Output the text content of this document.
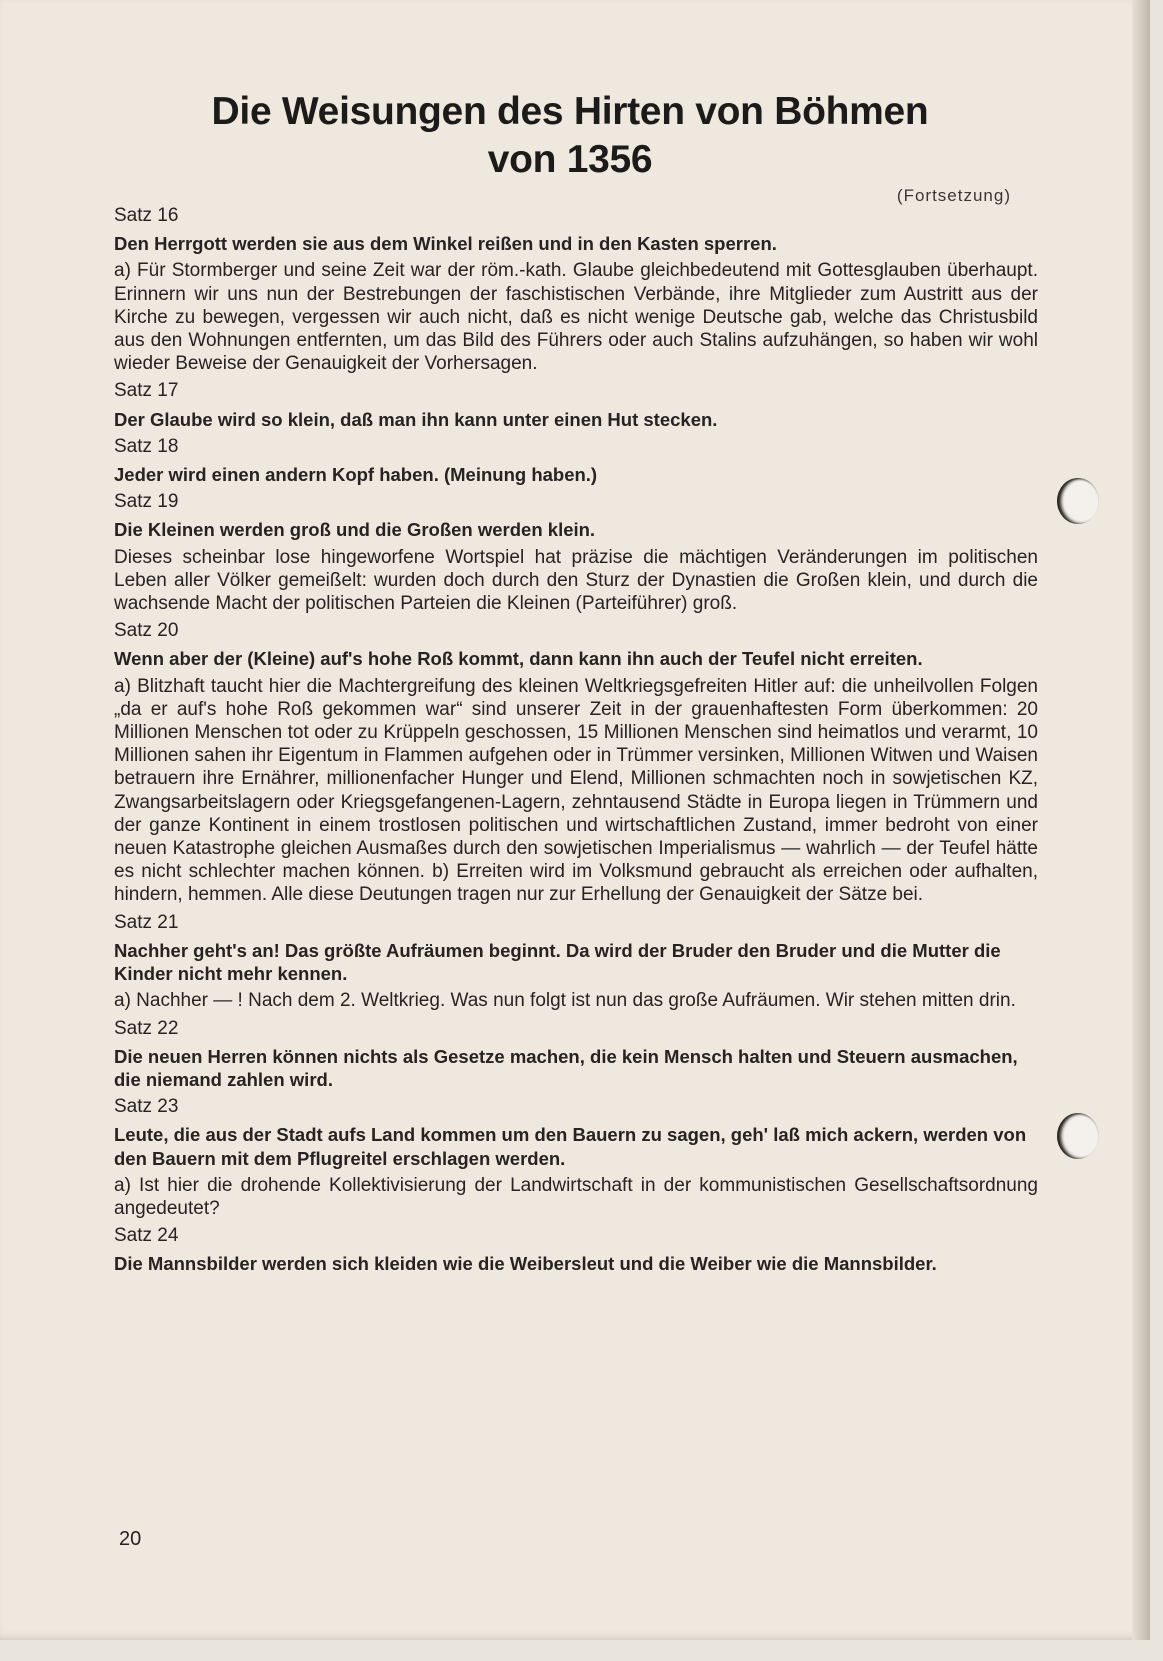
Die Weisungen des Hirten von Böhmen
von 1356
(Fortsetzung)
Satz 16
Den Herrgott werden sie aus dem Winkel reißen und in den Kasten sperren.
a) Für Stormberger und seine Zeit war der röm.-kath. Glaube gleichbedeutend mit Gottesglauben überhaupt. Erinnern wir uns nun der Bestrebungen der faschistischen Verbände, ihre Mitglieder zum Austritt aus der Kirche zu bewegen, vergessen wir auch nicht, daß es nicht wenige Deutsche gab, welche das Christusbild aus den Wohnungen entfernten, um das Bild des Führers oder auch Stalins aufzuhängen, so haben wir wohl wieder Beweise der Genauigkeit der Vorhersagen.
Satz 17
Der Glaube wird so klein, daß man ihn kann unter einen Hut stecken.
Satz 18
Jeder wird einen andern Kopf haben. (Meinung haben.)
Satz 19
Die Kleinen werden groß und die Großen werden klein.
Dieses scheinbar lose hingeworfene Wortspiel hat präzise die mächtigen Veränderungen im politischen Leben aller Völker gemeißelt: wurden doch durch den Sturz der Dynastien die Großen klein, und durch die wachsende Macht der politischen Parteien die Kleinen (Parteiführer) groß.
Satz 20
Wenn aber der (Kleine) auf's hohe Roß kommt, dann kann ihn auch der Teufel nicht erreiten.
a) Blitzhaft taucht hier die Machtergreifung des kleinen Weltkriegsgefreiten Hitler auf: die unheilvollen Folgen „da er auf's hohe Roß gekommen war“ sind unserer Zeit in der grauenhaftesten Form überkommen: 20 Millionen Menschen tot oder zu Krüppeln geschossen, 15 Millionen Menschen sind heimatlos und verarmt, 10 Millionen sahen ihr Eigentum in Flammen aufgehen oder in Trümmer versinken, Millionen Witwen und Waisen betrauern ihre Ernährer, millionenfacher Hunger und Elend, Millionen schmachten noch in sowjetischen KZ, Zwangsarbeitslagern oder Kriegsgefangenen-Lagern, zehntausend Städte in Europa liegen in Trümmern und der ganze Kontinent in einem trostlosen politischen und wirtschaftlichen Zustand, immer bedroht von einer neuen Katastrophe gleichen Ausmaßes durch den sowjetischen Imperialismus — wahrlich — der Teufel hätte es nicht schlechter machen können. b) Erreiten wird im Volksmund gebraucht als erreichen oder aufhalten, hindern, hemmen. Alle diese Deutungen tragen nur zur Erhellung der Genauigkeit der Sätze bei.
Satz 21
Nachher geht's an! Das größte Aufräumen beginnt. Da wird der Bruder den Bruder und die Mutter die Kinder nicht mehr kennen.
a) Nachher — ! Nach dem 2. Weltkrieg. Was nun folgt ist nun das große Aufräumen. Wir stehen mitten drin.
Satz 22
Die neuen Herren können nichts als Gesetze machen, die kein Mensch halten und Steuern ausmachen, die niemand zahlen wird.
Satz 23
Leute, die aus der Stadt aufs Land kommen um den Bauern zu sagen, geh' laß mich ackern, werden von den Bauern mit dem Pflugreitel erschlagen werden.
a) Ist hier die drohende Kollektivisierung der Landwirtschaft in der kommunistischen Gesellschaftsordnung angedeutet?
Satz 24
Die Mannsbilder werden sich kleiden wie die Weibersleut und die Weiber wie die Mannsbilder.
20
